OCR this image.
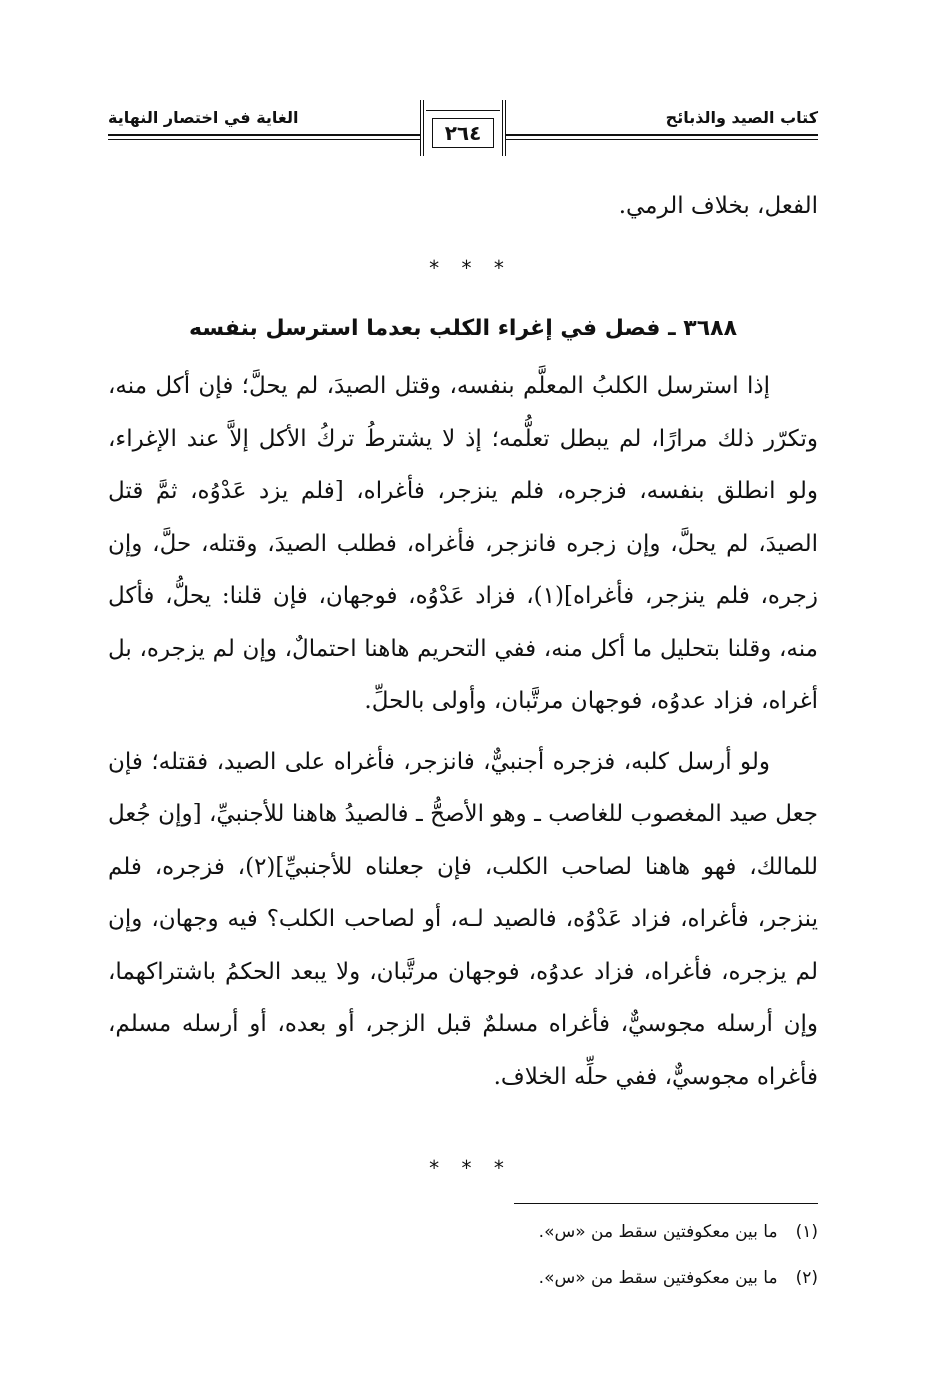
كتاب الصيد والذبائح
الغاية في اختصار النهاية
٢٦٤
الفعل، بخلاف الرمي.
* * *
٣٦٨٨ ـ فصل في إغراء الكلب بعدما استرسل بنفسه

إذا استرسل الكلبُ المعلَّم بنفسه، وقتل الصيدَ، لم يحلَّ؛ فإن أكل منه، وتكرّر ذلك مرارًا، لم يبطل تعلُّمه؛ إذ لا يشترطُ تركُ الأكل إلاَّ عند الإغراء، ولو انطلق بنفسه، فزجره، فلم ينزجر، فأغراه، [فلم يزد عَدْوُه، ثمَّ قتل الصيدَ، لم يحلَّ، وإن زجره فانزجر، فأغراه، فطلب الصيدَ، وقتله، حلَّ، وإن زجره، فلم ينزجر، فأغراه](١)، فزاد عَدْوُه، فوجهان، فإن قلنا: يحلُّ، فأكل منه، وقلنا بتحليل ما أكل منه، ففي التحريم هاهنا احتمالٌ، وإن لم يزجره، بل أغراه، فزاد عدوُه، فوجهان مرتَّبان، وأولى بالحلِّ.

ولو أرسل كلبه، فزجره أجنبيٌّ، فانزجر، فأغراه على الصيد، فقتله؛ فإن جعل صيد المغصوب للغاصب ـ وهو الأصحُّ ـ فالصيدُ هاهنا للأجنبيِّ، [وإن جُعل للمالك، فهو هاهنا لصاحب الكلب، فإن جعلناه للأجنبيِّ](٢)، فزجره، فلم ينزجر، فأغراه، فزاد عَدْوُه، فالصيد لـه، أو لصاحب الكلب؟ فيه وجهان، وإن لم يزجره، فأغراه، فزاد عدوُه، فوجهان مرتَّبان، ولا يبعد الحكمُ باشتراكهما، وإن أرسله مجوسيٌّ، فأغراه مسلمٌ قبل الزجر، أو بعده، أو أرسله مسلم، فأغراه مجوسيٌّ، ففي حلِّه الخلاف.

* * *
(١)ما بين معكوفتين سقط من «س».
(٢)ما بين معكوفتين سقط من «س».
